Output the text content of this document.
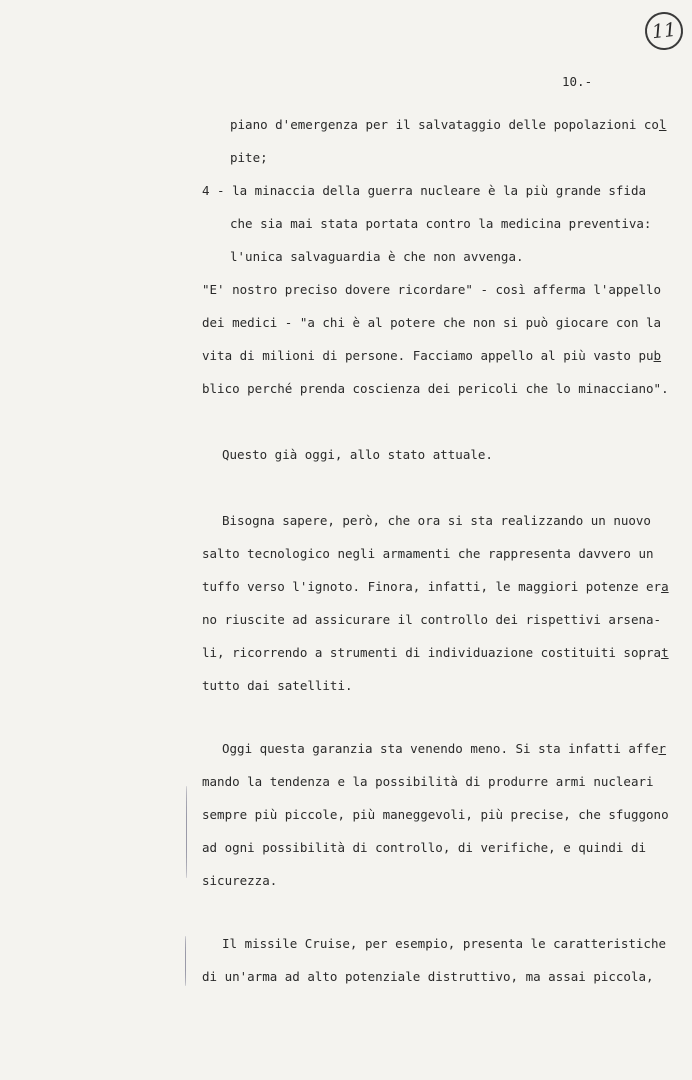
11
10.-
piano d'emergenza per il salvataggio delle popolazioni col
pite;
4 - la minaccia della guerra nucleare è la più grande sfida
che sia mai stata portata contro la medicina preventiva:
l'unica salvaguardia è che non avvenga.
"E' nostro preciso dovere ricordare" - così afferma l'appello
dei medici - "a chi è al potere che non si può giocare con la
vita di milioni di persone. Facciamo appello al più vasto pub
blico perché prenda coscienza dei pericoli che lo minacciano".
Questo già oggi, allo stato attuale.
Bisogna sapere, però, che ora si sta realizzando un nuovo
salto tecnologico negli armamenti che rappresenta davvero un
tuffo verso l'ignoto. Finora, infatti, le maggiori potenze era
no riuscite ad assicurare il controllo dei rispettivi arsena-
li, ricorrendo a strumenti di individuazione costituiti soprat
tutto dai satelliti.
Oggi questa garanzia sta venendo meno. Si sta infatti affer
mando la tendenza e la possibilità di produrre armi nucleari
sempre più piccole, più maneggevoli, più precise, che sfuggono
ad ogni possibilità di controllo, di verifiche, e quindi di
sicurezza.
Il missile Cruise, per esempio, presenta le caratteristiche
di un'arma ad alto potenziale distruttivo, ma assai piccola,
